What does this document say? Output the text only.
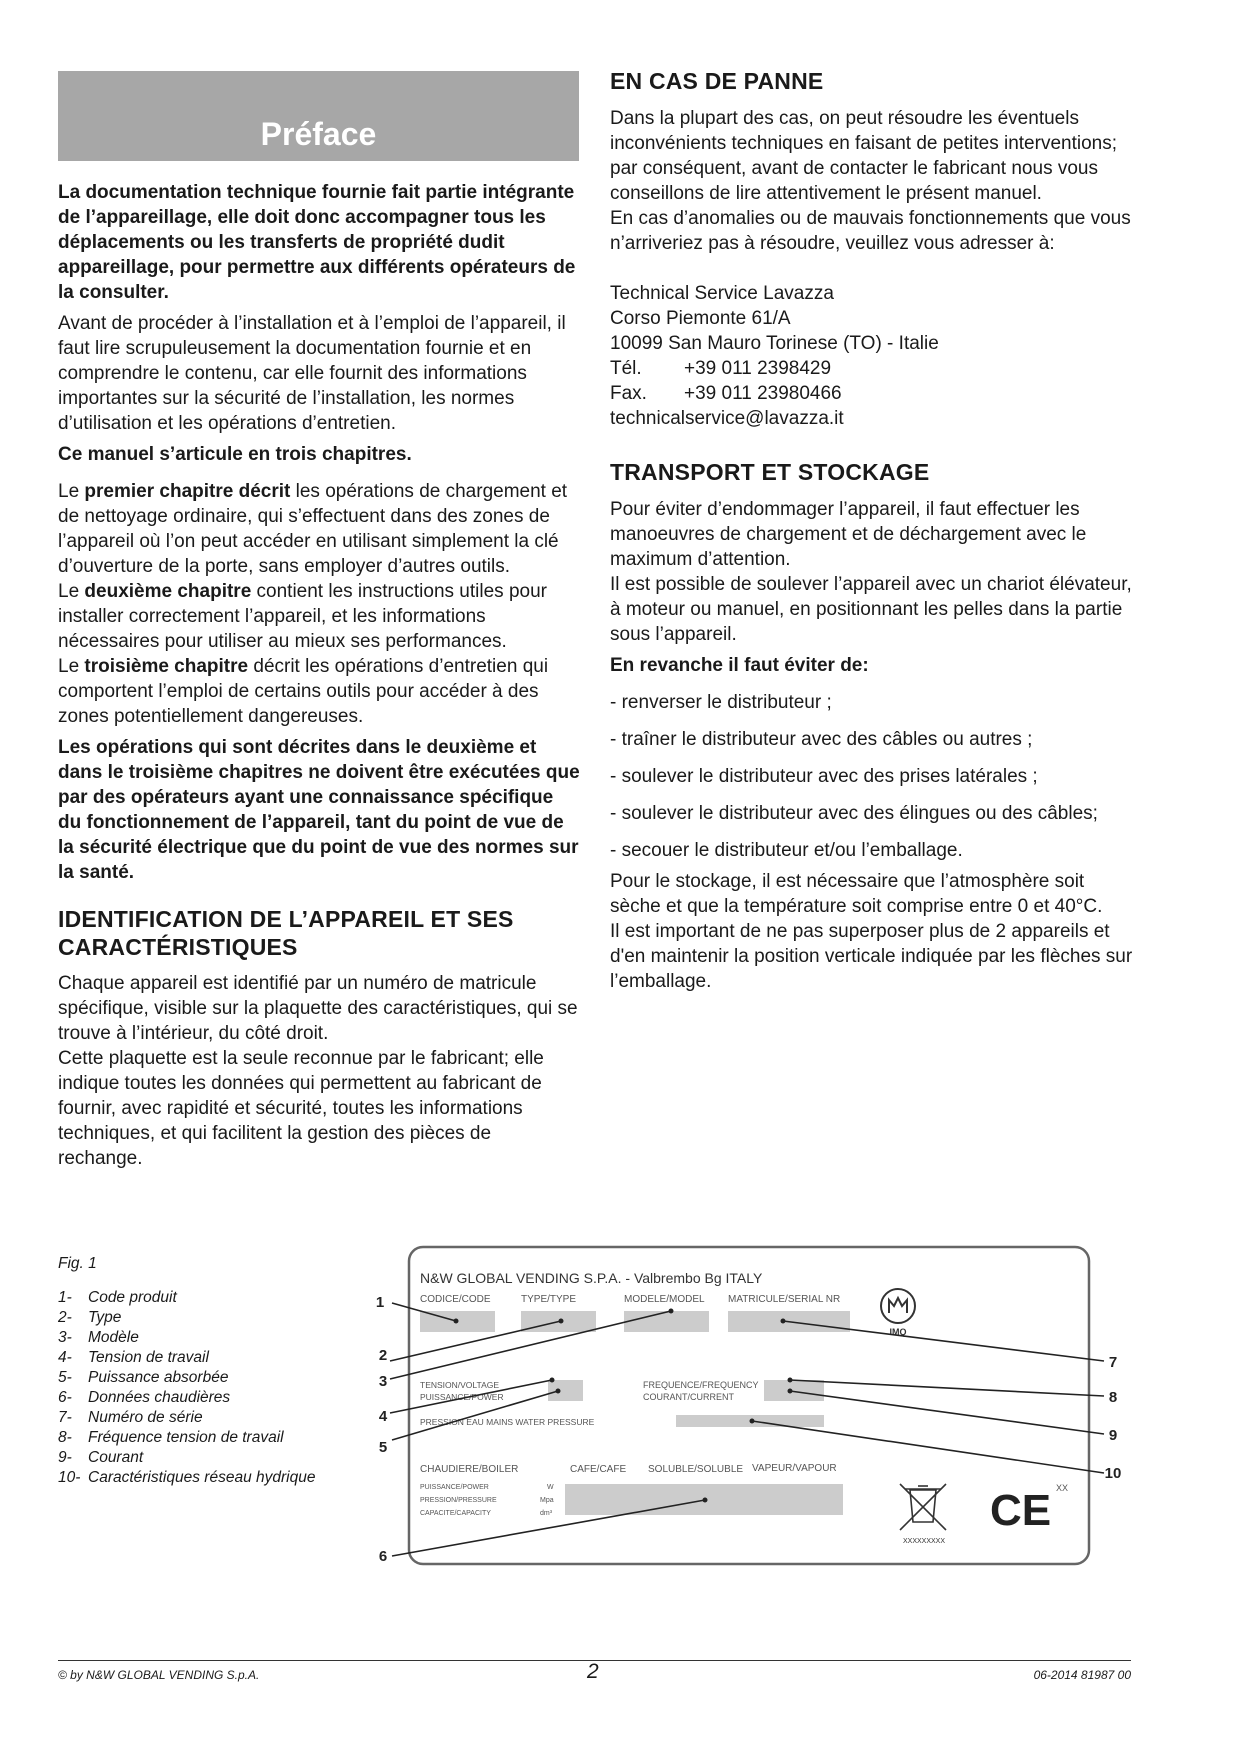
Préface

La documentation technique fournie fait partie intégrante de l’appareillage, elle doit donc accompagner tous les déplacements ou les transferts de propriété dudit appareillage, pour permettre aux différents opérateurs de la consulter.

Avant de procéder à l’installation et à l’emploi de l’appareil, il faut lire scrupuleusement la documentation fournie et en comprendre le contenu, car elle fournit des informations importantes sur la sécurité de l’installation, les normes d’utilisation et les opérations d’entretien.

Ce manuel s’articule en trois chapitres.

Le premier chapitre décrit les opérations de chargement et de nettoyage ordinaire, qui s’effectuent dans des zones de l’appareil où l’on peut accéder en utilisant simplement la clé d’ouverture de la porte, sans employer d’autres outils.

Le deuxième chapitre contient les instructions utiles pour installer correctement l’appareil, et les informations nécessaires pour utiliser au mieux ses performances.

Le troisième chapitre décrit les opérations d’entretien qui comportent l’emploi de certains outils pour accéder à des zones potentiellement dangereuses.

Les opérations qui sont décrites dans le deuxième et dans le troisième chapitres ne doivent être exécutées que par des opérateurs ayant une connaissance spécifique du fonctionnement de l’appareil, tant du point de vue de la sécurité électrique que du point de vue des normes sur la santé.

IDENTIFICATION DE L’APPAREIL ET SES CARACTÉRISTIQUES

Chaque appareil est identifié par un numéro de matricule spécifique, visible sur la plaquette des caractéristiques, qui se trouve à l’intérieur, du côté droit.

Cette plaquette est la seule reconnue par le fabricant; elle indique toutes les données qui permettent au fabricant de fournir, avec rapidité et sécurité, toutes les informations techniques, et qui facilitent la gestion des pièces de rechange.

EN CAS DE PANNE

Dans la plupart des cas, on peut résoudre les éventuels inconvénients techniques en faisant de petites interventions; par conséquent, avant de contacter le fabricant nous vous conseillons de lire attentivement le présent manuel.

En cas d’anomalies ou de mauvais fonctionnements que vous n’arriveriez pas à résoudre, veuillez vous adresser à:

Technical Service Lavazza

Corso Piemonte 61/A

10099 San Mauro Torinese (TO) - Italie

Tél. +39 011 2398429

Fax. +39 011 23980466

technicalservice@lavazza.it

TRANSPORT ET STOCKAGE

Pour éviter d’endommager l’appareil, il faut effectuer les manoeuvres de chargement et de déchargement avec le maximum d’attention.

Il est possible de soulever l’appareil avec un chariot élévateur, à moteur ou manuel, en positionnant les pelles dans la partie sous l’appareil.

En revanche il faut éviter de:

- renverser le distributeur ;

- traîner le distributeur avec des câbles ou autres ;

- soulever le distributeur avec des prises latérales ;

- soulever le distributeur avec des élingues ou des câbles;

- secouer le distributeur et/ou l’emballage.

Pour le stockage, il est nécessaire que l’atmosphère soit sèche et que la température soit comprise entre 0 et 40°C.

Il est important de ne pas superposer plus de 2 appareils et d'en maintenir la position verticale indiquée par les flèches sur l’emballage.

Fig. 1
1-	Code produit
2-	Type
3-	Modèle
4-	Tension de travail
5-	Puissance absorbée
6-	Données chaudières
7-	Numéro de série
8-	Fréquence tension de travail
9-	Courant
10- Caractéristiques réseau hydrique
N&W GLOBAL VENDING S.P.A. - Valbrembo Bg ITALY
CODICE/CODE	TYPE/TYPE	MODELE/MODEL MATRICULE/SERIAL NR
IMQ
TENSION/VOLTAGE
PUISSANCE/POWER
FREQUENCE/FREQUENCY
COURANT/CURRENT
PRESSION EAU MAINS WATER PRESSURE
CHAUDIERE/BOILER	CAFE/CAFE SOLUBLE/SOLUBLE VAPEUR/VAPOUR
PUISSANCE/POWER
PRESSION/PRESSURE
CAPACITE/CAPACITY
W
Mpa
dm³
XXXXXXXXX
CE XX
1
2
3
4
5
6
7
8
9
10
© by N&W GLOBAL VENDING S.p.A.	2	06-2014 81987 00
